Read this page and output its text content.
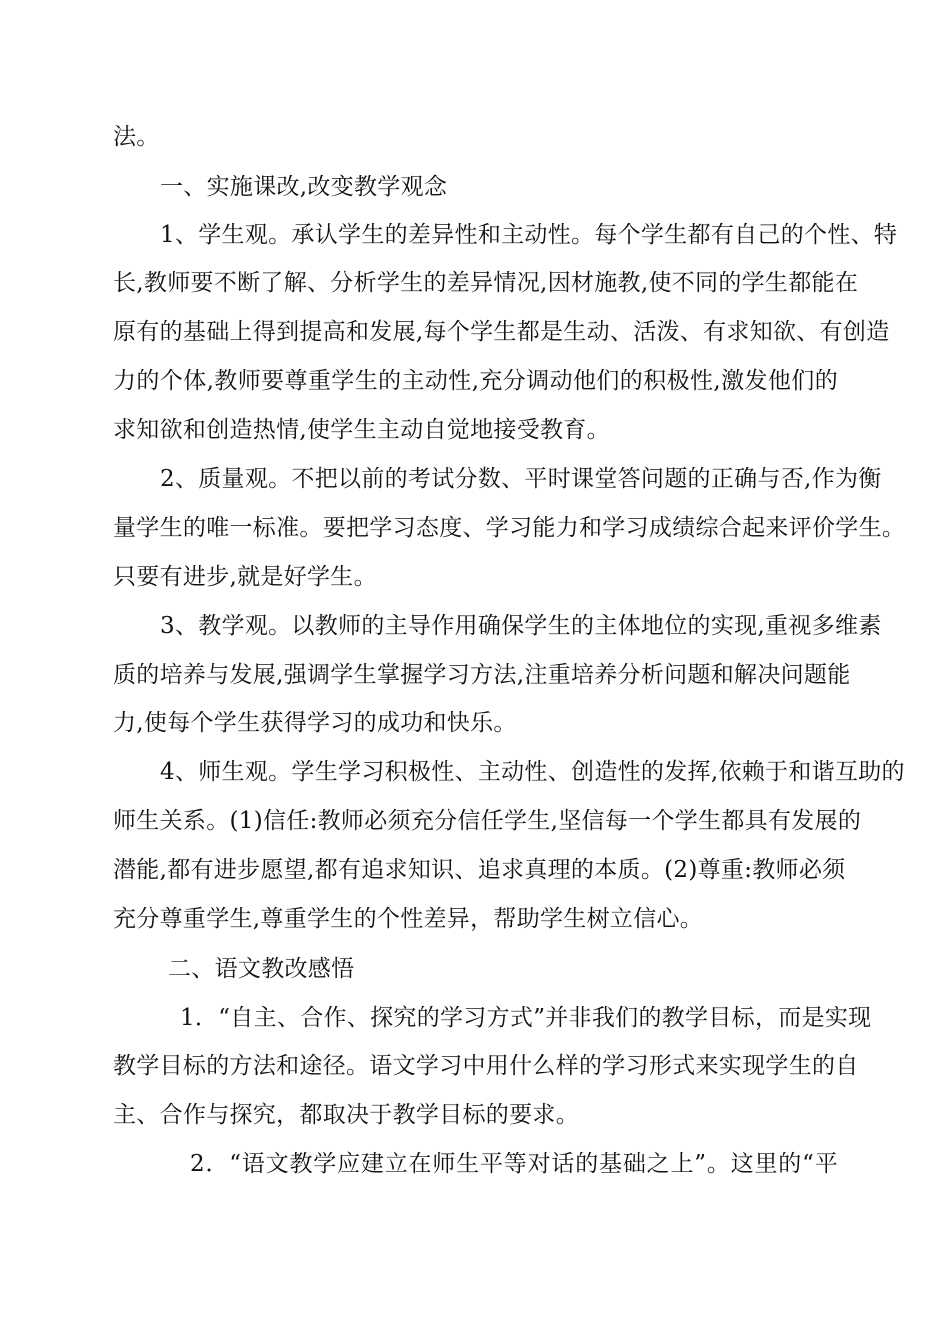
法。
一、实施课改,改变教学观念
1、学生观。承认学生的差异性和主动性。每个学生都有自己的个性、特
长,教师要不断了解、分析学生的差异情况,因材施教,使不同的学生都能在
原有的基础上得到提高和发展,每个学生都是生动、活泼、有求知欲、有创造
力的个体,教师要尊重学生的主动性,充分调动他们的积极性,激发他们的
求知欲和创造热情,使学生主动自觉地接受教育。
2、质量观。不把以前的考试分数、平时课堂答问题的正确与否,作为衡
量学生的唯一标准。要把学习态度、学习能力和学习成绩综合起来评价学生。
只要有进步,就是好学生。
3、教学观。以教师的主导作用确保学生的主体地位的实现,重视多维素
质的培养与发展,强调学生掌握学习方法,注重培养分析问题和解决问题能
力,使每个学生获得学习的成功和快乐。
4、师生观。学生学习积极性、主动性、创造性的发挥,依赖于和谐互助的
师生关系。(1)信任:教师必须充分信任学生,坚信每一个学生都具有发展的
潜能,都有进步愿望,都有追求知识、追求真理的本质。(2)尊重:教师必须
充分尊重学生,尊重学生的个性差异，帮助学生树立信心。
二、语文教改感悟
1．“自主、合作、探究的学习方式”并非我们的教学目标，而是实现
教学目标的方法和途径。语文学习中用什么样的学习形式来实现学生的自
主、合作与探究，都取决于教学目标的要求。
2．“语文教学应建立在师生平等对话的基础之上”。这里的“平
